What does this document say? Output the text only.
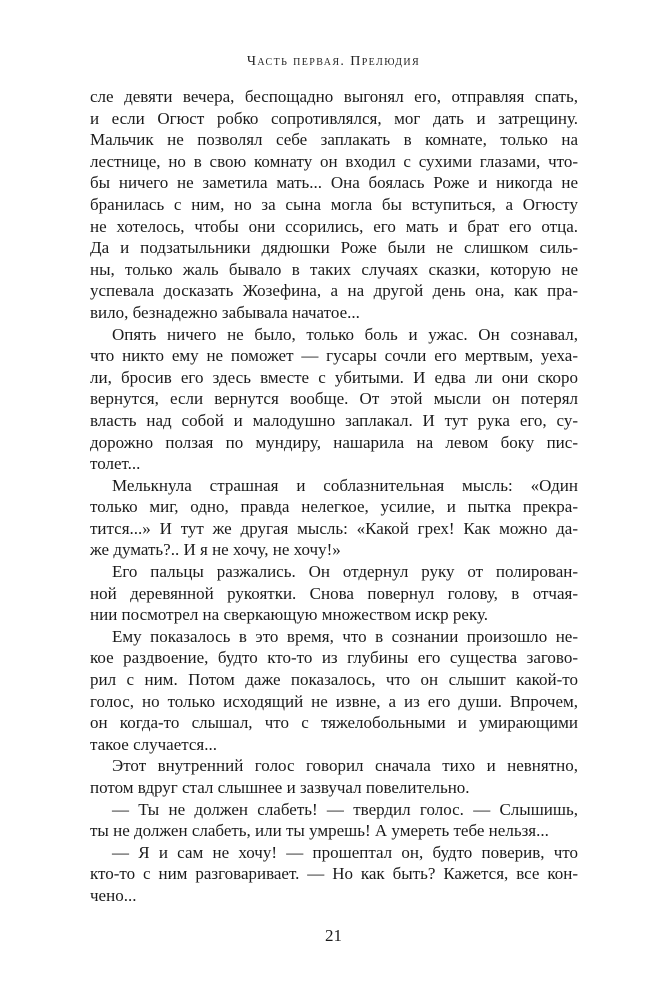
Часть первая. Прелюдия
сле девяти вечера, беспощадно выгонял его, отправляя спать,
и если Огюст робко сопротивлялся, мог дать и затрещину.
Мальчик не позволял себе заплакать в комнате, только на
лестнице, но в свою комнату он входил с сухими глазами, что-
бы ничего не заметила мать... Она боялась Роже и никогда не
бранилась с ним, но за сына могла бы вступиться, а Огюсту
не хотелось, чтобы они ссорились, его мать и брат его отца.
Да и подзатыльники дядюшки Роже были не слишком силь-
ны, только жаль бывало в таких случаях сказки, которую не
успевала досказать Жозефина, а на другой день она, как пра-
вило, безнадежно забывала начатое...
Опять ничего не было, только боль и ужас. Он сознавал,
что никто ему не поможет — гусары сочли его мертвым, уеха-
ли, бросив его здесь вместе с убитыми. И едва ли они скоро
вернутся, если вернутся вообще. От этой мысли он потерял
власть над собой и малодушно заплакал. И тут рука его, су-
дорожно ползая по мундиру, нашарила на левом боку пис-
толет...
Мелькнула страшная и соблазнительная мысль: «Один
только миг, одно, правда нелегкое, усилие, и пытка прекра-
тится...» И тут же другая мысль: «Какой грех! Как можно да-
же думать?.. И я не хочу, не хочу!»
Его пальцы разжались. Он отдернул руку от полирован-
ной деревянной рукоятки. Снова повернул голову, в отчая-
нии посмотрел на сверкающую множеством искр реку.
Ему показалось в это время, что в сознании произошло не-
кое раздвоение, будто кто-то из глубины его существа загово-
рил с ним. Потом даже показалось, что он слышит какой-то
голос, но только исходящий не извне, а из его души. Впрочем,
он когда-то слышал, что с тяжелобольными и умирающими
такое случается...
Этот внутренний голос говорил сначала тихо и невнятно,
потом вдруг стал слышнее и зазвучал повелительно.
— Ты не должен слабеть! — твердил голос. — Слышишь,
ты не должен слабеть, или ты умрешь! А умереть тебе нельзя...
— Я и сам не хочу! — прошептал он, будто поверив, что
кто-то с ним разговаривает. — Но как быть? Кажется, все кон-
чено...
21
